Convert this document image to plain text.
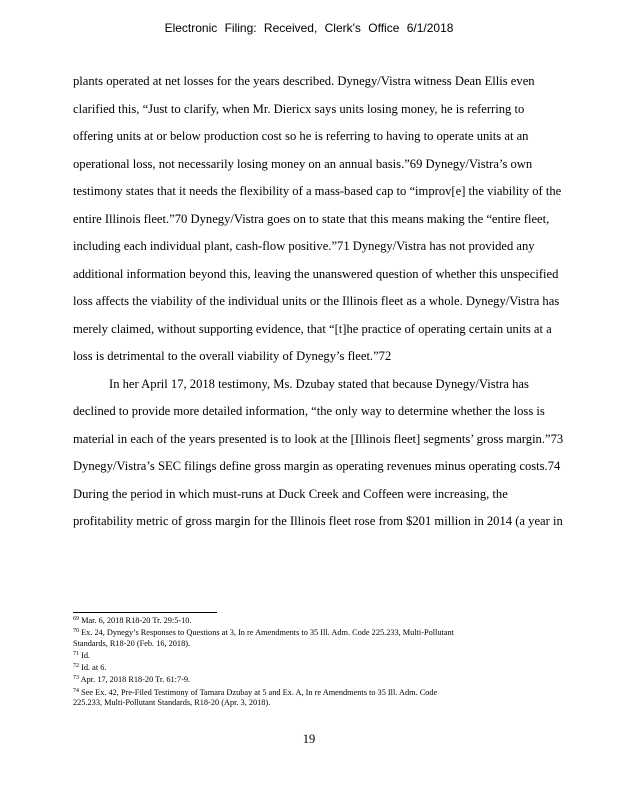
Electronic Filing: Received, Clerk's Office 6/1/2018
plants operated at net losses for the years described. Dynegy/Vistra witness Dean Ellis even
clarified this, “Just to clarify, when Mr. Diericx says units losing money, he is referring to
offering units at or below production cost so he is referring to having to operate units at an
operational loss, not necessarily losing money on an annual basis.”69 Dynegy/Vistra’s own
testimony states that it needs the flexibility of a mass-based cap to “improv[e] the viability of the
entire Illinois fleet.”70 Dynegy/Vistra goes on to state that this means making the “entire fleet,
including each individual plant, cash-flow positive.”71 Dynegy/Vistra has not provided any
additional information beyond this, leaving the unanswered question of whether this unspecified
loss affects the viability of the individual units or the Illinois fleet as a whole. Dynegy/Vistra has
merely claimed, without supporting evidence, that “[t]he practice of operating certain units at a
loss is detrimental to the overall viability of Dynegy’s fleet.”72
In her April 17, 2018 testimony, Ms. Dzubay stated that because Dynegy/Vistra has
declined to provide more detailed information, “the only way to determine whether the loss is
material in each of the years presented is to look at the [Illinois fleet] segments’ gross margin.”73
Dynegy/Vistra’s SEC filings define gross margin as operating revenues minus operating costs.74
During the period in which must-runs at Duck Creek and Coffeen were increasing, the
profitability metric of gross margin for the Illinois fleet rose from $201 million in 2014 (a year in
$^{69}$ Mar. 6, 2018 R18-20 Tr. 29:5-10.
$^{70}$ Ex. 24, Dynegy’s Responses to Questions at 3, In re Amendments to 35 Ill. Adm. Code 225.233, Multi-Pollutant
Standards, R18-20 (Feb. 16, 2018).
$^{71}$ Id.
$^{72}$ Id. at 6.
$^{73}$ Apr. 17, 2018 R18-20 Tr. 61:7-9.
$^{74}$ See Ex. 42, Pre-Filed Testimony of Tamara Dzubay at 5 and Ex. A, In re Amendments to 35 Ill. Adm. Code
225.233, Multi-Pollutant Standards, R18-20 (Apr. 3, 2018).
19
